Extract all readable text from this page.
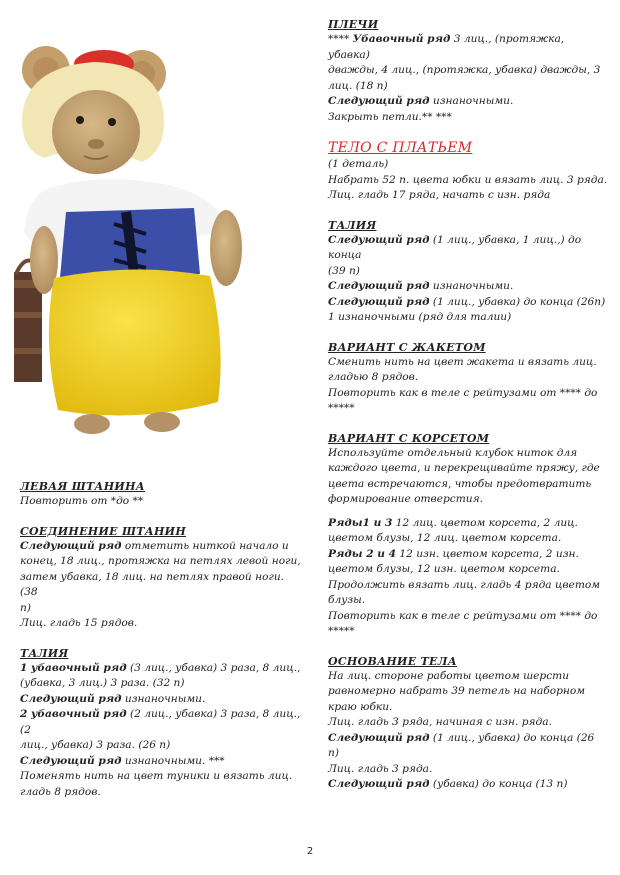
ЛЕВАЯ ШТАНИНА

Повторить от *до **

СОЕДИНЕНИЕ ШТАНИН

Следующий ряд отметить ниткой начало и

конец, 18 лиц., протяжка на петлях левой ноги,

затем убавка, 18 лиц. на петлях правой ноги. (38

п)

Лиц. гладь 15 рядов.

ТАЛИЯ

1 убавочный ряд (3 лиц., убавка) 3 раза, 8 лиц.,

(убавка, 3 лиц.) 3 раза. (32 п)

Следующий ряд изнаночными.

2 убавочный ряд (2 лиц., убавка) 3 раза, 8 лиц., (2

лиц., убавка) 3 раза. (26 п)

Следующий ряд изнаночными. ***

Поменять нить на цвет туники и вязать лиц.

гладь 8 рядов.

ПЛЕЧИ

**** Убавочный ряд 3 лиц., (протяжка, убавка)

дважды, 4 лиц., (протяжка, убавка) дважды, 3

лиц. (18 п)

Следующий ряд изнаночными.

Закрыть петли.** ***

ТЕЛО С ПЛАТЬЕМ

(1 деталь)

Набрать 52 п. цвета юбки и вязать лиц. 3 ряда.

Лиц. гладь 17 ряда, начать с изн. ряда

ТАЛИЯ

Следующий ряд (1 лиц., убавка, 1 лиц.,) до конца

(39 п)

Следующий ряд изнаночными.

Следующий ряд (1 лиц., убавка) до конца (26п)

1 изнаночными (ряд для талии)

ВАРИАНТ С ЖАКЕТОМ

Сменить нить на цвет жакета и вязать лиц.

гладью 8 рядов.

Повторить как в теле с рейтузами от **** до

*****

ВАРИАНТ С КОРСЕТОМ

Используйте отдельный клубок ниток для

каждого цвета, и перекрещивайте пряжу, где

цвета встречаются, чтобы предотвратить

формирование отверстия.

Ряды1 и 3 12 лиц. цветом корсета, 2 лиц.

цветом блузы, 12 лиц. цветом корсета.

Ряды 2 и 4 12 изн. цветом корсета, 2 изн.

цветом блузы, 12 изн. цветом корсета.

Продолжить вязать лиц. гладь 4 ряда цветом

блузы.

Повторить как в теле с рейтузами от **** до

*****

ОСНОВАНИЕ ТЕЛА

На лиц. стороне работы цветом шерсти

равномерно набрать 39 петель на наборном

краю юбки.

Лиц. гладь 3 ряда, начиная с изн. ряда.

Следующий ряд (1 лиц., убавка) до конца (26 п)

Лиц. гладь 3 ряда.

Следующий ряд (убавка) до конца (13 п)

2
